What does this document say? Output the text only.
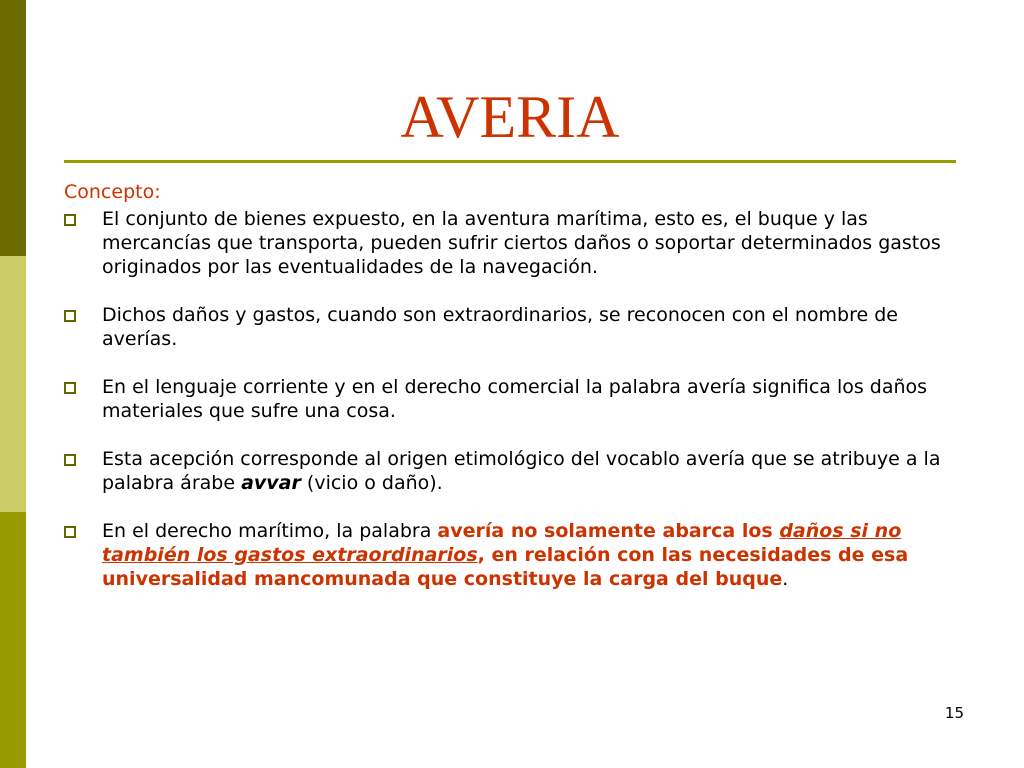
AVERIA
Concepto:
El conjunto de bienes expuesto, en la aventura marítima, esto es, el buque y las mercancías que transporta, pueden sufrir ciertos daños o soportar determinados gastos originados por las eventualidades de la navegación.
Dichos daños y gastos, cuando son extraordinarios, se reconocen con el nombre de averías.
En el lenguaje corriente y en el derecho comercial la palabra avería significa los daños materiales que sufre una cosa.
Esta acepción corresponde al origen etimológico del vocablo avería que se atribuye a la palabra árabe avvar (vicio o daño).
En el derecho marítimo, la palabra avería no solamente abarca los daños si no también los gastos extraordinarios, en relación con las necesidades de esa universalidad mancomunada que constituye la carga del buque.
15
